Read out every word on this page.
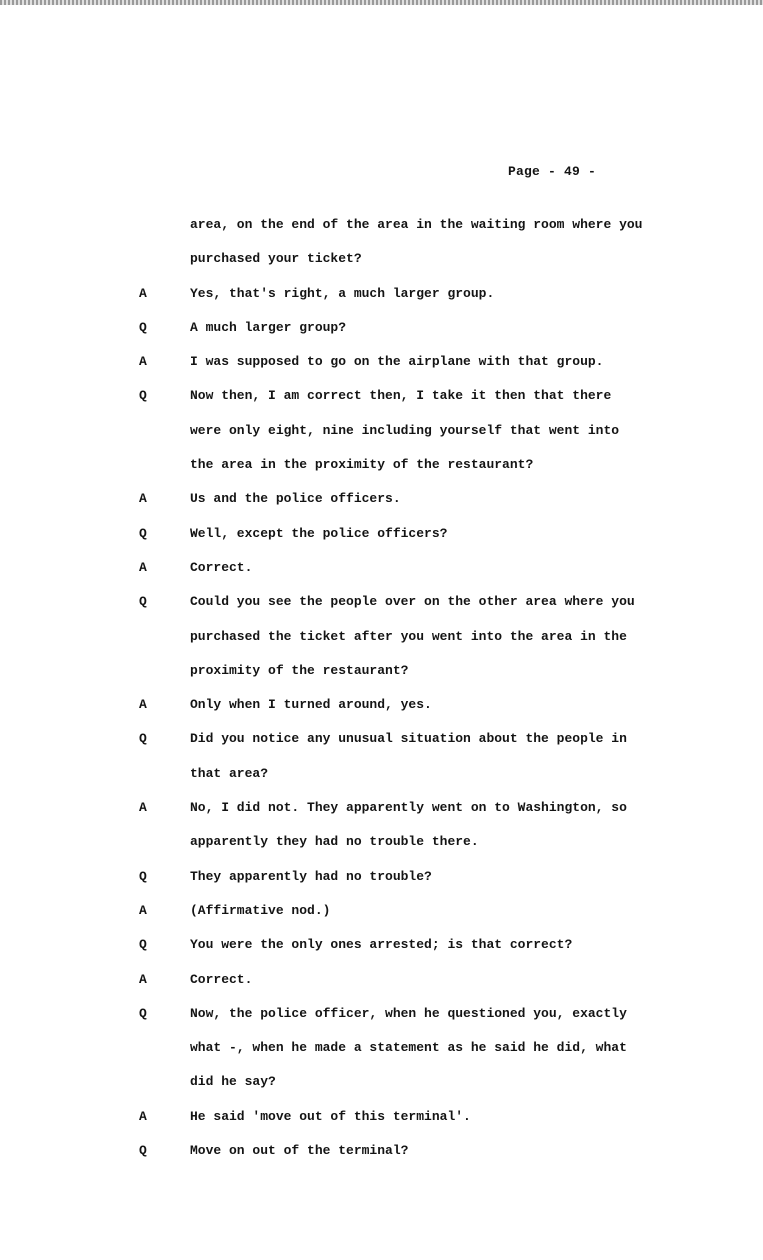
Page - 49 -
area, on the end of the area in the waiting room where you
purchased your ticket?
A	Yes, that's right, a much larger group.
Q	A much larger group?
A	I was supposed to go on the airplane with that group.
Q	Now then, I am correct then, I take it then that there
were only eight, nine including yourself that went into
the area in the proximity of the restaurant?
A	Us and the police officers.
Q	Well, except the police officers?
A	Correct.
Q	Could you see the people over on the other area where you
purchased the ticket after you went into the area in the
proximity of the restaurant?
A	Only when I turned around, yes.
Q	Did you notice any unusual situation about the people in
that area?
A	No, I did not. They apparently went on to Washington, so
apparently they had no trouble there.
Q	They apparently had no trouble?
A	(Affirmative nod.)
Q	You were the only ones arrested; is that correct?
A	Correct.
Q	Now, the police officer, when he questioned you, exactly
what -, when he made a statement as he said he did, what
did he say?
A	He said 'move out of this terminal'.
Q	Move on out of the terminal?
